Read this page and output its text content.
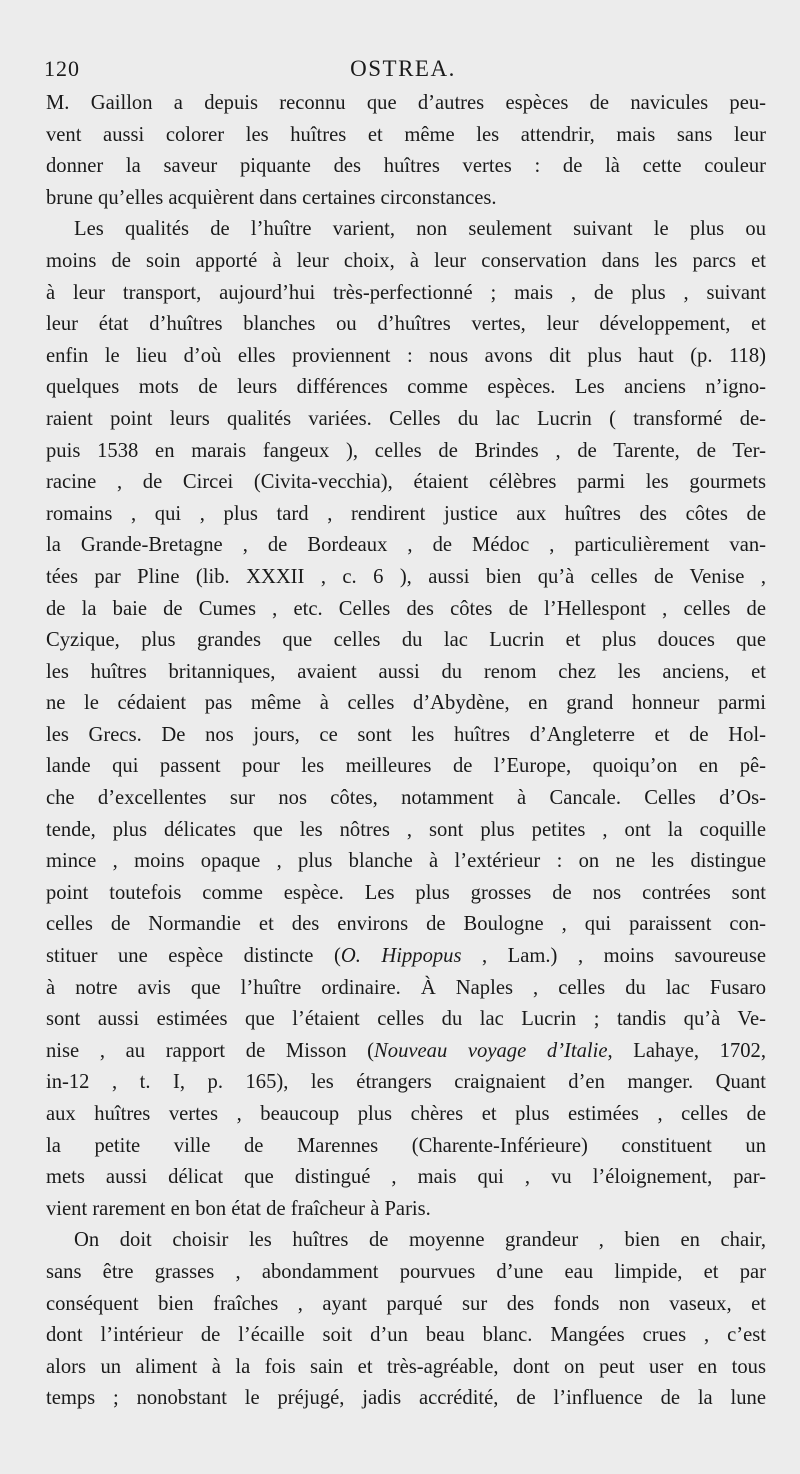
120	OSTREA.
M. Gaillon a depuis reconnu que d’autres espèces de navicules peu-
vent aussi colorer les huîtres et même les attendrir, mais sans leur
donner la saveur piquante des huîtres vertes : de là cette couleur
brune qu’elles acquièrent dans certaines circonstances.
Les qualités de l’huître varient, non seulement suivant le plus ou
moins de soin apporté à leur choix, à leur conservation dans les parcs et
à leur transport, aujourd’hui très-perfectionné ; mais , de plus , suivant
leur état d’huîtres blanches ou d’huîtres vertes, leur développement, et
enfin le lieu d’où elles proviennent : nous avons dit plus haut (p. 118)
quelques mots de leurs différences comme espèces. Les anciens n’igno-
raient point leurs qualités variées. Celles du lac Lucrin ( transformé de-
puis 1538 en marais fangeux ), celles de Brindes , de Tarente, de Ter-
racine , de Circei (Civita-vecchia), étaient célèbres parmi les gourmets
romains , qui , plus tard , rendirent justice aux huîtres des côtes de
la Grande-Bretagne , de Bordeaux , de Médoc , particulièrement van-
tées par Pline (lib. XXXII , c. 6 ), aussi bien qu’à celles de Venise ,
de la baie de Cumes , etc. Celles des côtes de l’Hellespont , celles de
Cyzique, plus grandes que celles du lac Lucrin et plus douces que
les huîtres britanniques, avaient aussi du renom chez les anciens, et
ne le cédaient pas même à celles d’Abydène, en grand honneur parmi
les Grecs. De nos jours, ce sont les huîtres d’Angleterre et de Hol-
lande qui passent pour les meilleures de l’Europe, quoiqu’on en pê-
che d’excellentes sur nos côtes, notamment à Cancale. Celles d’Os-
tende, plus délicates que les nôtres , sont plus petites , ont la coquille
mince , moins opaque , plus blanche à l’extérieur : on ne les distingue
point toutefois comme espèce. Les plus grosses de nos contrées sont
celles de Normandie et des environs de Boulogne , qui paraissent con-
stituer une espèce distincte (O. Hippopus , Lam.) , moins savoureuse
à notre avis que l’huître ordinaire. À Naples , celles du lac Fusaro
sont aussi estimées que l’étaient celles du lac Lucrin ; tandis qu’à Ve-
nise , au rapport de Misson (Nouveau voyage d’Italie, Lahaye, 1702,
in-12 , t. I, p. 165), les étrangers craignaient d’en manger. Quant
aux huîtres vertes , beaucoup plus chères et plus estimées , celles de
la petite ville de Marennes (Charente-Inférieure) constituent un
mets aussi délicat que distingué , mais qui , vu l’éloignement, par-
vient rarement en bon état de fraîcheur à Paris.
On doit choisir les huîtres de moyenne grandeur , bien en chair,
sans être grasses , abondamment pourvues d’une eau limpide, et par
conséquent bien fraîches , ayant parqué sur des fonds non vaseux, et
dont l’intérieur de l’écaille soit d’un beau blanc. Mangées crues , c’est
alors un aliment à la fois sain et très-agréable, dont on peut user en tous
temps ; nonobstant le préjugé, jadis accrédité, de l’influence de la lune
